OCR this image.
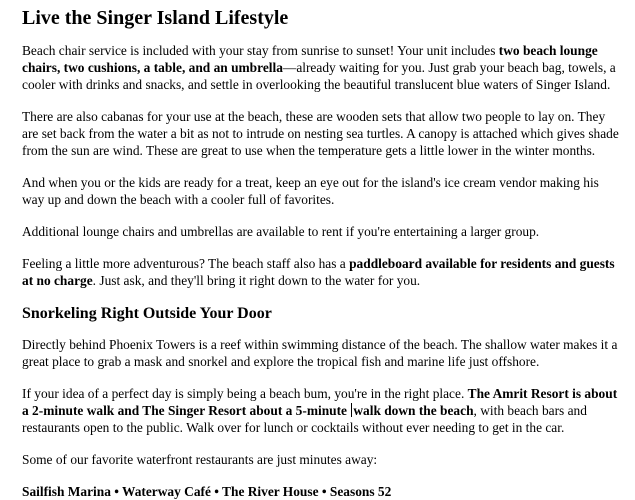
Live the Singer Island Lifestyle

Beach chair service is included with your stay from sunrise to sunset! Your unit includes two beach lounge chairs, two cushions, a table, and an umbrella—already waiting for you. Just grab your beach bag, towels, a cooler with drinks and snacks, and settle in overlooking the beautiful translucent blue waters of Singer Island.

There are also cabanas for your use at the beach, these are wooden sets that allow two people to lay on. They are set back from the water a bit as not to intrude on nesting sea turtles. A canopy is attached which gives shade from the sun are wind. These are great to use when the temperature gets a little lower in the winter months.

And when you or the kids are ready for a treat, keep an eye out for the island's ice cream vendor making his way up and down the beach with a cooler full of favorites.

Additional lounge chairs and umbrellas are available to rent if you're entertaining a larger group.

Feeling a little more adventurous? The beach staff also has a paddleboard available for residents and guests at no charge. Just ask, and they'll bring it right down to the water for you.

Snorkeling Right Outside Your Door

Directly behind Phoenix Towers is a reef within swimming distance of the beach. The shallow water makes it a great place to grab a mask and snorkel and explore the tropical fish and marine life just offshore.

If your idea of a perfect day is simply being a beach bum, you're in the right place. The Amrit Resort is about a 2-minute walk and The Singer Resort about a 5-minute walk down the beach, with beach bars and restaurants open to the public. Walk over for lunch or cocktails without ever needing to get in the car.

Some of our favorite waterfront restaurants are just minutes away:

Sailfish Marina • Waterway Café • The River House • Seasons 52
